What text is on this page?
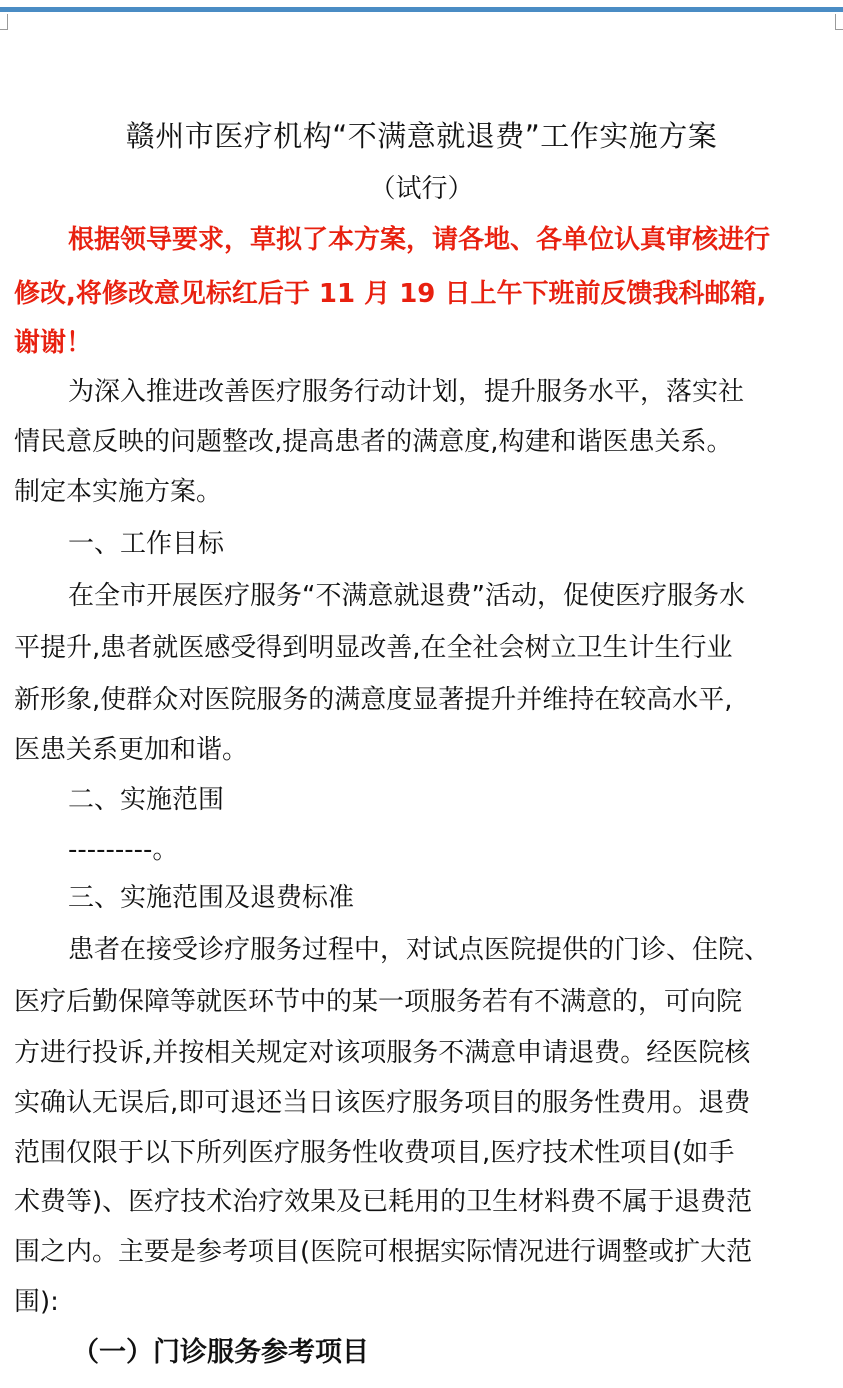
赣州市医疗机构“不满意就退费”工作实施方案
（试行）
根据领导要求，草拟了本方案，请各地、各单位认真审核进行
修改,将修改意见标红后于 11 月 19 日上午下班前反馈我科邮箱,
谢谢！
为深入推进改善医疗服务行动计划，提升服务水平，落实社
情民意反映的问题整改,提高患者的满意度,构建和谐医患关系。
制定本实施方案。
一、工作目标
在全市开展医疗服务“不满意就退费”活动，促使医疗服务水
平提升,患者就医感受得到明显改善,在全社会树立卫生计生行业
新形象,使群众对医院服务的满意度显著提升并维持在较高水平,
医患关系更加和谐。
二、实施范围
---------。
三、实施范围及退费标准
患者在接受诊疗服务过程中，对试点医院提供的门诊、住院、
医疗后勤保障等就医环节中的某一项服务若有不满意的，可向院
方进行投诉,并按相关规定对该项服务不满意申请退费。经医院核
实确认无误后,即可退还当日该医疗服务项目的服务性费用。退费
范围仅限于以下所列医疗服务性收费项目,医疗技术性项目(如手
术费等)、医疗技术治疗效果及已耗用的卫生材料费不属于退费范
围之内。主要是参考项目(医院可根据实际情况进行调整或扩大范
围):
（一）门诊服务参考项目
